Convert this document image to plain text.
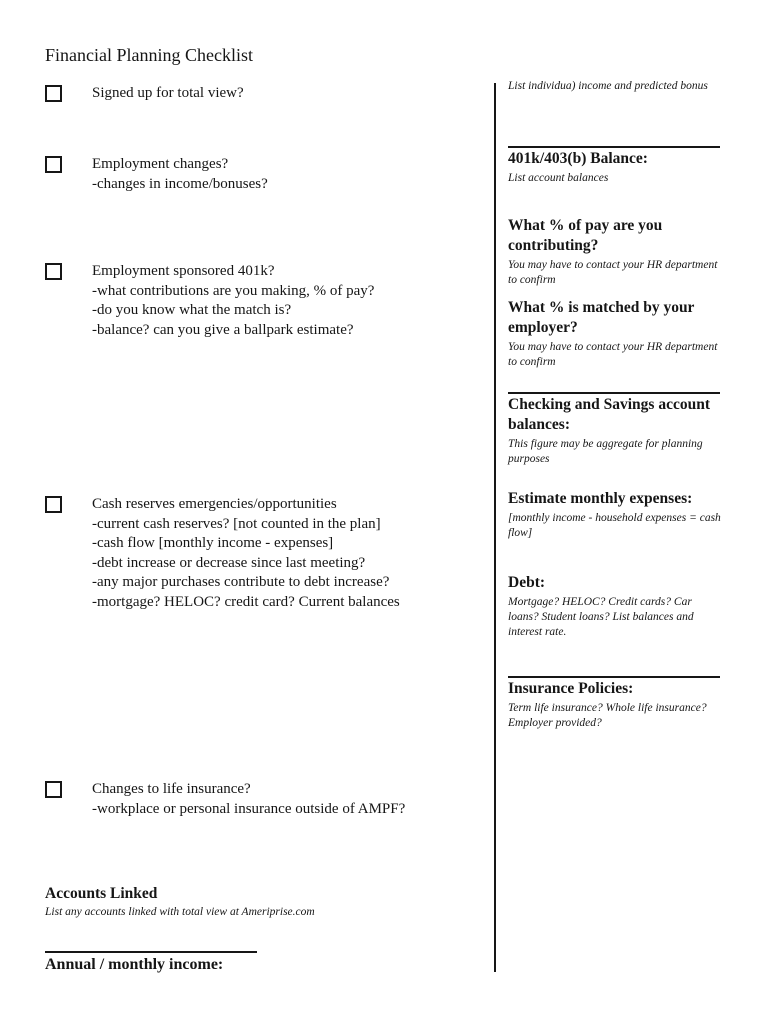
Financial Planning Checklist
Signed up for total view?
Employment changes?
-changes in income/bonuses?
Employment sponsored 401k?
-what contributions are you making, % of pay?
-do you know what the match is?
-balance? can you give a ballpark estimate?
Cash reserves emergencies/opportunities
-current cash reserves? [not counted in the plan]
-cash flow [monthly income - expenses]
-debt increase or decrease since last meeting?
-any major purchases contribute to debt increase?
-mortgage? HELOC? credit card? Current balances
Changes to life insurance?
-workplace or personal insurance outside of AMPF?
Accounts Linked
List any accounts linked with total view at Ameriprise.com
Annual / monthly income:
List individua) income and predicted bonus
401k/403(b) Balance:
List account balances
What % of pay are you contributing?
You may have to contact your HR department to confirm
What % is matched by your employer?
You may have to contact your HR department to confirm
Checking and Savings account balances:
This figure may be aggregate for planning purposes
Estimate monthly expenses:
[monthly income - household expenses = cash flow]
Debt:
Mortgage? HELOC? Credit cards? Car loans? Student loans? List balances and interest rate.
Insurance Policies:
Term life insurance? Whole life insurance? Employer provided?
